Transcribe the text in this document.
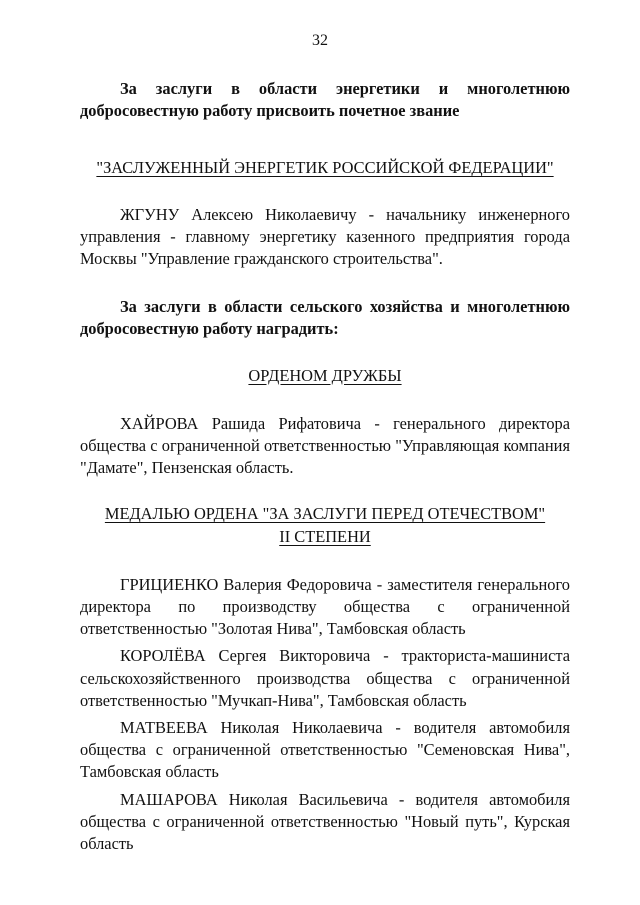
32

За заслуги в области энергетики и многолетнюю добросовестную работу присвоить почетное звание

"ЗАСЛУЖЕННЫЙ ЭНЕРГЕТИК РОССИЙСКОЙ ФЕДЕРАЦИИ"

ЖГУНУ Алексею Николаевичу - начальнику инженерного управления - главному энергетику казенного предприятия города Москвы "Управление гражданского строительства".

За заслуги в области сельского хозяйства и многолетнюю добросовестную работу наградить:

ОРДЕНОМ ДРУЖБЫ

ХАЙРОВА Рашида Рифатовича - генерального директора общества с ограниченной ответственностью "Управляющая компания "Дамате", Пензенская область.

МЕДАЛЬЮ ОРДЕНА "ЗА ЗАСЛУГИ ПЕРЕД ОТЕЧЕСТВОМ"

II СТЕПЕНИ

ГРИЦИЕНКО Валерия Федоровича - заместителя генерального директора по производству общества с ограниченной ответственностью "Золотая Нива", Тамбовская область

КОРОЛЁВА Сергея Викторовича - тракториста-машиниста сельскохозяйственного производства общества с ограниченной ответственностью "Мучкап-Нива", Тамбовская область

МАТВЕЕВА Николая Николаевича - водителя автомобиля общества с ограниченной ответственностью "Семеновская Нива", Тамбовская область

МАШАРОВА Николая Васильевича - водителя автомобиля общества с ограниченной ответственностью "Новый путь", Курская область
